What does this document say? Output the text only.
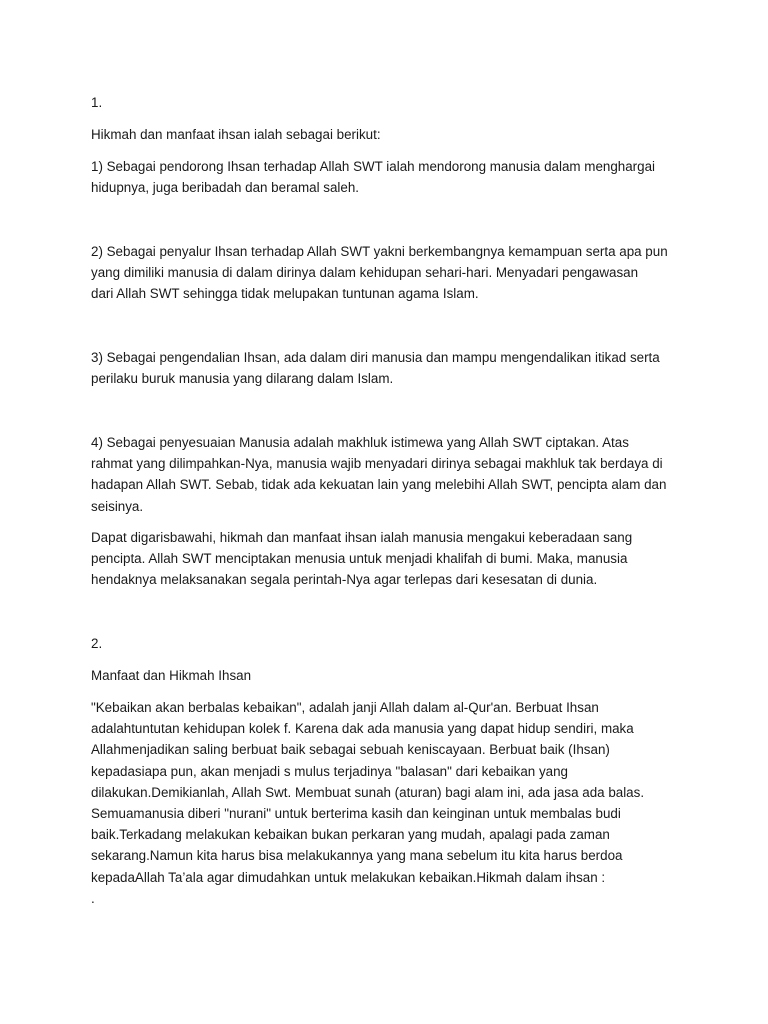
1.

Hikmah dan manfaat ihsan ialah sebagai berikut:

1) Sebagai pendorong Ihsan terhadap Allah SWT ialah mendorong manusia dalam menghargai
hidupnya, juga beribadah dan beramal saleh.

2) Sebagai penyalur Ihsan terhadap Allah SWT yakni berkembangnya kemampuan serta apa pun
yang dimiliki manusia di dalam dirinya dalam kehidupan sehari-hari. Menyadari pengawasan
dari Allah SWT sehingga tidak melupakan tuntunan agama Islam.

3) Sebagai pengendalian Ihsan, ada dalam diri manusia dan mampu mengendalikan itikad serta
perilaku buruk manusia yang dilarang dalam Islam.

4) Sebagai penyesuaian Manusia adalah makhluk istimewa yang Allah SWT ciptakan. Atas
rahmat yang dilimpahkan-Nya, manusia wajib menyadari dirinya sebagai makhluk tak berdaya di
hadapan Allah SWT. Sebab, tidak ada kekuatan lain yang melebihi Allah SWT, pencipta alam dan
seisinya.

Dapat digarisbawahi, hikmah dan manfaat ihsan ialah manusia mengakui keberadaan sang
pencipta. Allah SWT menciptakan menusia untuk menjadi khalifah di bumi. Maka, manusia
hendaknya melaksanakan segala perintah-Nya agar terlepas dari kesesatan di dunia.

2.

Manfaat dan Hikmah Ihsan

"Kebaikan akan berbalas kebaikan", adalah janji Allah dalam al-Qur'an. Berbuat Ihsan
adalahtuntutan kehidupan kolek f. Karena dak ada manusia yang dapat hidup sendiri, maka
Allahmenjadikan saling berbuat baik sebagai sebuah keniscayaan. Berbuat baik (Ihsan)
kepadasiapa pun, akan menjadi s mulus terjadinya "balasan" dari kebaikan yang
dilakukan.Demikianlah, Allah Swt. Membuat sunah (aturan) bagi alam ini, ada jasa ada balas.
Semuamanusia diberi "nurani" untuk berterima kasih dan keinginan untuk membalas budi
baik.Terkadang melakukan kebaikan bukan perkaran yang mudah, apalagi pada zaman
sekarang.Namun kita harus bisa melakukannya yang mana sebelum itu kita harus berdoa
kepadaAllah Ta’ala agar dimudahkan untuk melakukan kebaikan.Hikmah dalam ihsan :

.
